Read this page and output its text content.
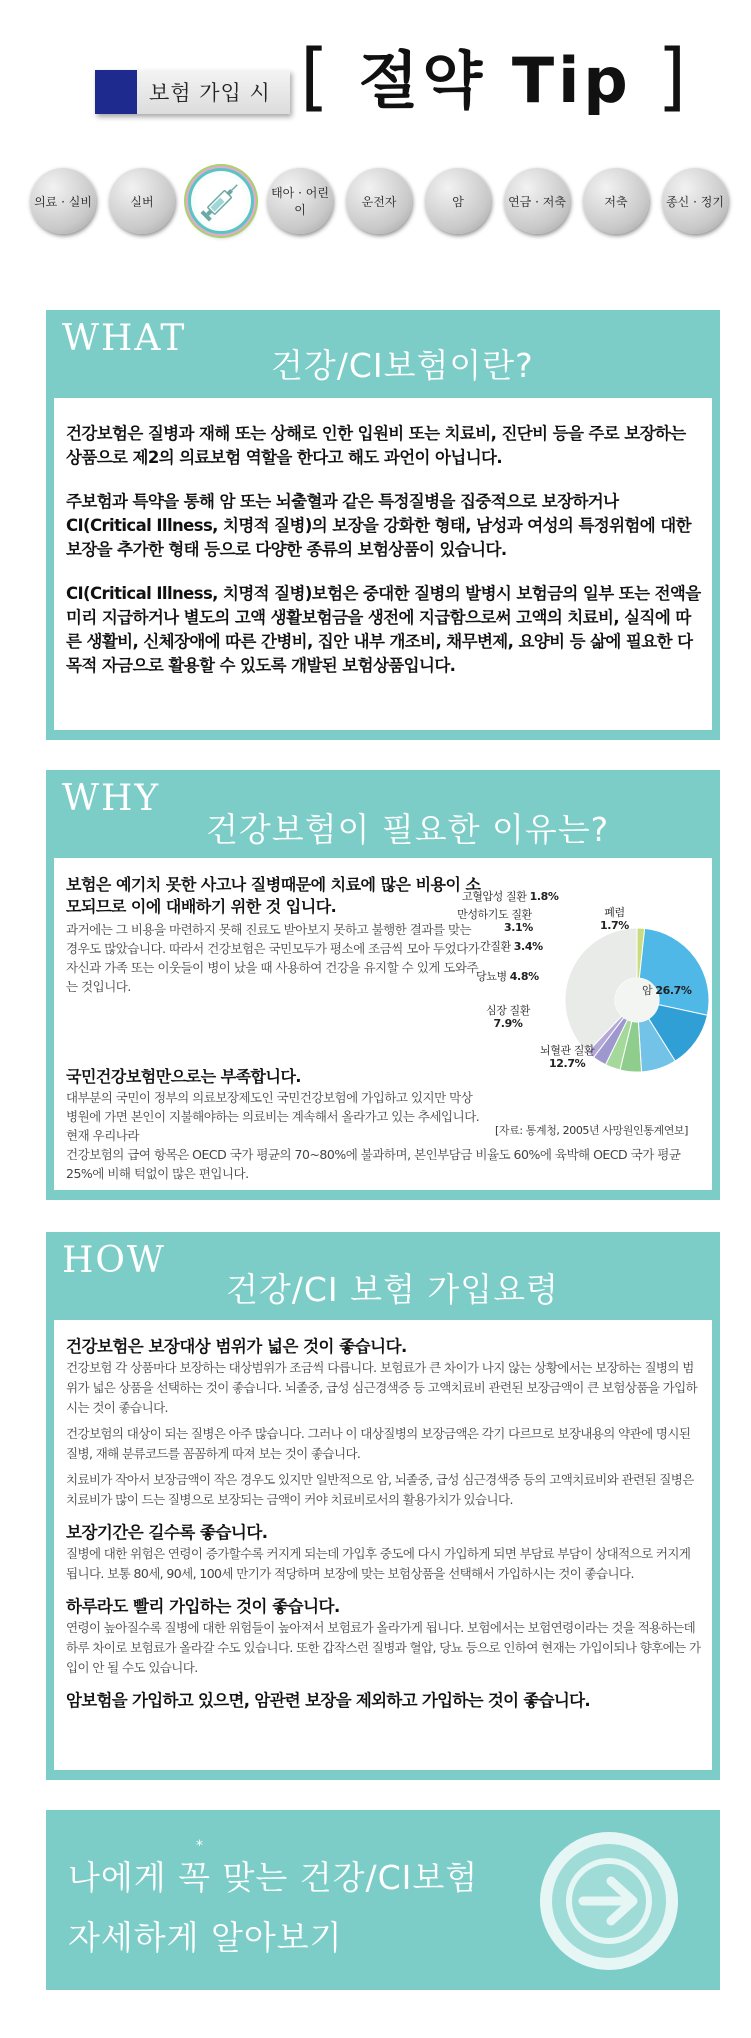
보험 가입 시 [ 절약 Tip ]
의료 · 실비	실버
태아 · 어린이
운전자	암	연금 · 저축	저축	종신 · 정기
WHAT
건강/CI보험이란?

건강보험은 질병과 재해 또는 상해로 인한 입원비 또는 치료비, 진단비 등을 주로 보장하는 상품으로 제2의 의료보험 역할을 한다고 해도 과언이 아닙니다.

주보험과 특약을 통해 암 또는 뇌출혈과 같은 특정질병을 집중적으로 보장하거나 CI(Critical Illness, 치명적 질병)의 보장을 강화한 형태, 남성과 여성의 특정위험에 대한 보장을 추가한 형태 등으로 다양한 종류의 보험상품이 있습니다.

CI(Critical Illness, 치명적 질병)보험은 중대한 질병의 발병시 보험금의 일부 또는 전액을 미리 지급하거나 별도의 고액 생활보험금을 생전에 지급함으로써 고액의 치료비, 실직에 따른 생활비, 신체장애에 따른 간병비, 집안 내부 개조비, 채무변제, 요양비 등 삶에 필요한 다목적 자금으로 활용할 수 있도록 개발된 보험상품입니다.

WHY
건강보험이 필요한 이유는?
보험은 예기치 못한 사고나 질병때문에 치료에 많은 비용이 소모되므로 이에 대배하기 위한 것 입니다.
과거에는 그 비용을 마련하지 못해 진료도 받아보지 못하고 불행한 결과를 맞는 경우도 많았습니다. 따라서 건강보험은 국민모두가 평소에 조금씩 모아 두었다가 자신과 가족 또는 이웃들이 병이 났을 때 사용하여 건강을 유지할 수 있게 도와주는 것입니다.
국민건강보험만으로는 부족합니다.
대부분의 국민이 정부의 의료보장제도인 국민건강보험에 가입하고 있지만 막상 병원에 가면 본인이 지불해야하는 의료비는 계속해서 올라가고 있는 추세입니다. 현재 우리나라
건강보험의 급여 항목은 OECD 국가 평균의 70~80%에 불과하며, 본인부담금 비율도 60%에 육박해 OECD 국가 평균 25%에 비해 턱없이 많은 편입니다.
고혈압성 질환 1.8%
만성하기도 질환
3.1%
폐렴
1.7%
간질환 3.4%
당뇨병 4.8%
심장 질환
7.9%
뇌혈관 질환
12.7%
암 26.7%
[자료: 통계청, 2005년 사망원인통계연보]
HOW
건강/CI 보험 가입요령
건강보험은 보장대상 범위가 넓은 것이 좋습니다.
건강보험 각 상품마다 보장하는 대상범위가 조금씩 다릅니다. 보험료가 큰 차이가 나지 않는 상황에서는 보장하는 질병의 범위가 넓은 상품을 선택하는 것이 좋습니다. 뇌졸중, 급성 심근경색증 등 고액치료비 관련된 보장금액이 큰 보험상품을 가입하시는 것이 좋습니다.
건강보험의 대상이 되는 질병은 아주 많습니다. 그러나 이 대상질병의 보장금액은 각기 다르므로 보장내용의 약관에 명시된 질병, 재해 분류코드를 꼼꼼하게 따져 보는 것이 좋습니다.
치료비가 작아서 보장금액이 작은 경우도 있지만 일반적으로 암, 뇌졸중, 급성 심근경색증 등의 고액치료비와 관련된 질병은 치료비가 많이 드는 질병으로 보장되는 금액이 커야 치료비로서의 활용가치가 있습니다.
보장기간은 길수록 좋습니다.
질병에 대한 위험은 연령이 증가할수록 커지게 되는데 가입후 중도에 다시 가입하게 되면 부담료 부담이 상대적으로 커지게 됩니다. 보통 80세, 90세, 100세 만기가 적당하며 보장에 맞는 보험상품을 선택해서 가입하시는 것이 좋습니다.
하루라도 빨리 가입하는 것이 좋습니다.
연령이 높아질수록 질병에 대한 위험들이 높아져서 보험료가 올라가게 됩니다. 보험에서는 보험연령이라는 것을 적용하는데 하루 차이로 보험료가 올라갈 수도 있습니다. 또한 갑작스런 질병과 혈압, 당뇨 등으로 인하여 현재는 가입이되나 향후에는 가입이 안 될 수도 있습니다.
암보험을 가입하고 있으면, 암관련 보장을 제외하고 가입하는 것이 좋습니다.
*
나에게 꼭 맞는 건강/CI보험
자세하게 알아보기
